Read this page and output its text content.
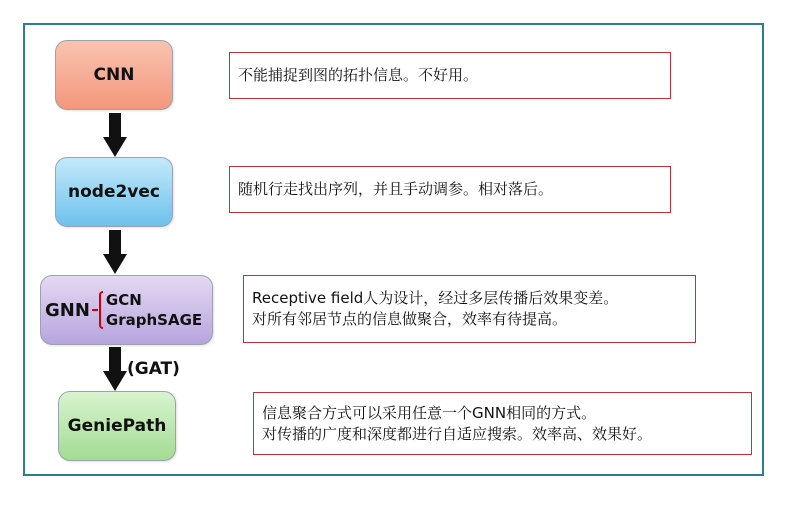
CNN
node2vec
GNN GCN
GraphSAGE
GeniePath
(GAT)
不能捕捉到图的拓扑信息。不好用。
随机行走找出序列，并且手动调参。相对落后。
Receptive field人为设计，经过多层传播后效果变差。
对所有邻居节点的信息做聚合，效率有待提高。
信息聚合方式可以采用任意一个GNN相同的方式。
对传播的广度和深度都进行自适应搜索。效率高、效果好。
